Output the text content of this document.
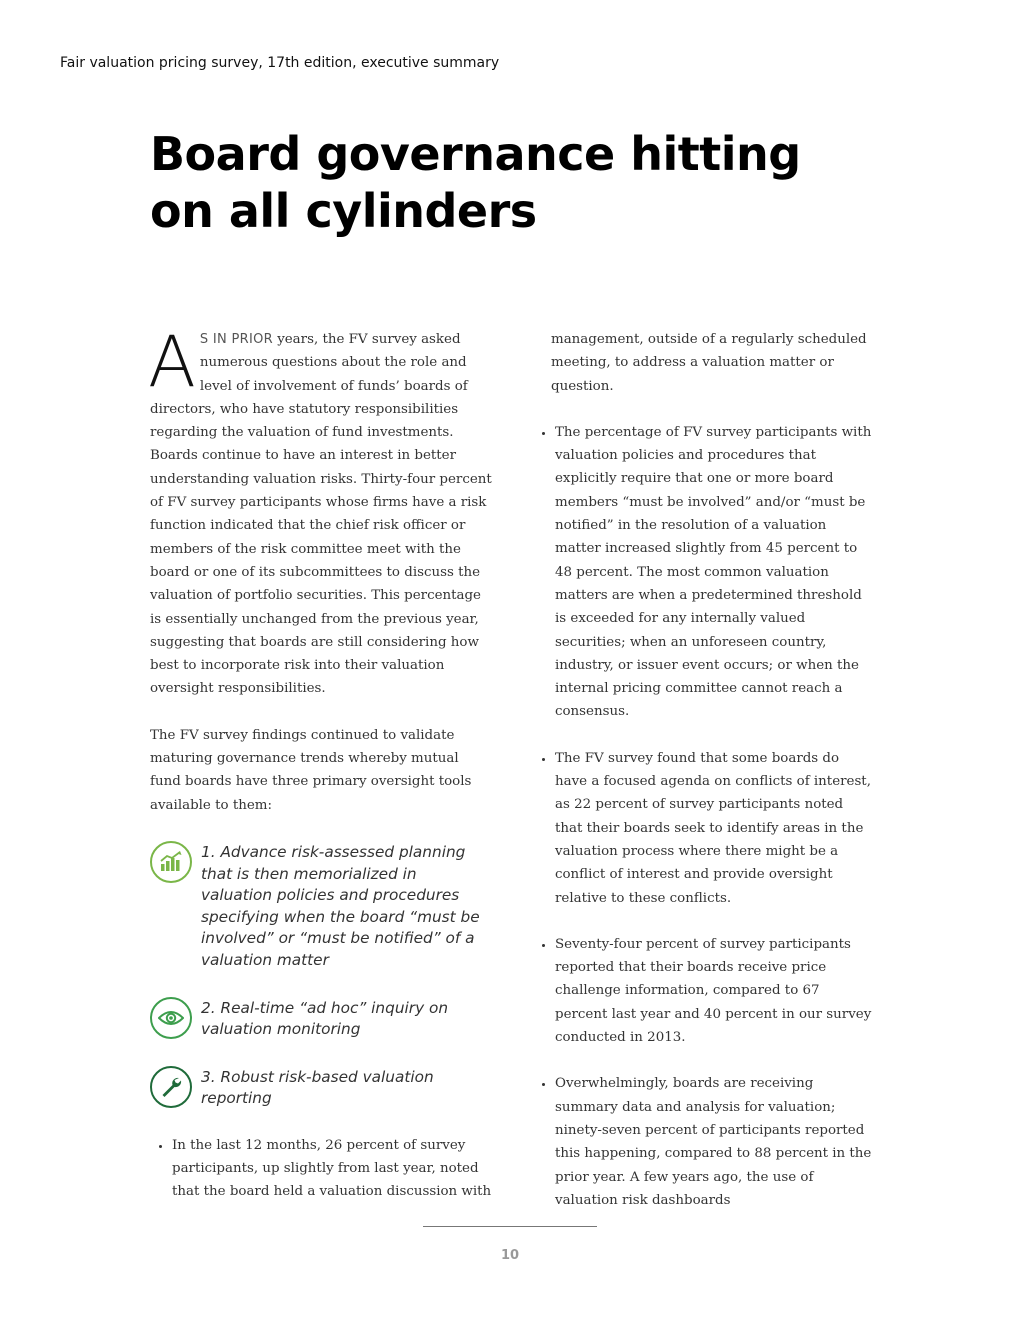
Fair valuation pricing survey, 17th edition, executive summary
Board governance hitting on all cylinders

A S IN PRIOR years, the FV survey asked numerous questions about the role and level of involvement of funds’ boards of directors, who have statutory responsibilities regarding the valuation of fund investments. Boards continue to have an interest in better understanding valuation risks. Thirty-four percent of FV survey participants whose firms have a risk function indicated that the chief risk officer or members of the risk committee meet with the board or one of its subcommittees to discuss the valuation of portfolio securities. This percentage is essentially unchanged from the previous year, suggesting that boards are still considering how best to incorporate risk into their valuation oversight responsibilities.

The FV survey findings continued to validate maturing governance trends whereby mutual fund boards have three primary oversight tools available to them:

1. Advance risk-assessed planning that is then memorialized in valuation policies and procedures specifying when the board “must be involved” or “must be notified” of a valuation matter
2. Real-time “ad hoc” inquiry on valuation monitoring
3. Robust risk-based valuation reporting
• In the last 12 months, 26 percent of survey participants, up slightly from last year, noted that the board held a valuation discussion with
management, outside of a regularly scheduled meeting, to address a valuation matter or question.
• The percentage of FV survey participants with valuation policies and procedures that explicitly require that one or more board members “must be involved” and/or “must be notified” in the resolution of a valuation matter increased slightly from 45 percent to 48 percent. The most common valuation matters are when a predetermined threshold is exceeded for any internally valued securities; when an unforeseen country, industry, or issuer event occurs; or when the internal pricing committee cannot reach a consensus.
• The FV survey found that some boards do have a focused agenda on conflicts of interest, as 22 percent of survey participants noted that their boards seek to identify areas in the valuation process where there might be a conflict of interest and provide oversight relative to these conflicts.
• Seventy-four percent of survey participants reported that their boards receive price challenge information, compared to 67 percent last year and 40 percent in our survey conducted in 2013.
• Overwhelmingly, boards are receiving summary data and analysis for valuation; ninety-seven percent of participants reported this happening, compared to 88 percent in the prior year. A few years ago, the use of valuation risk dashboards
10
